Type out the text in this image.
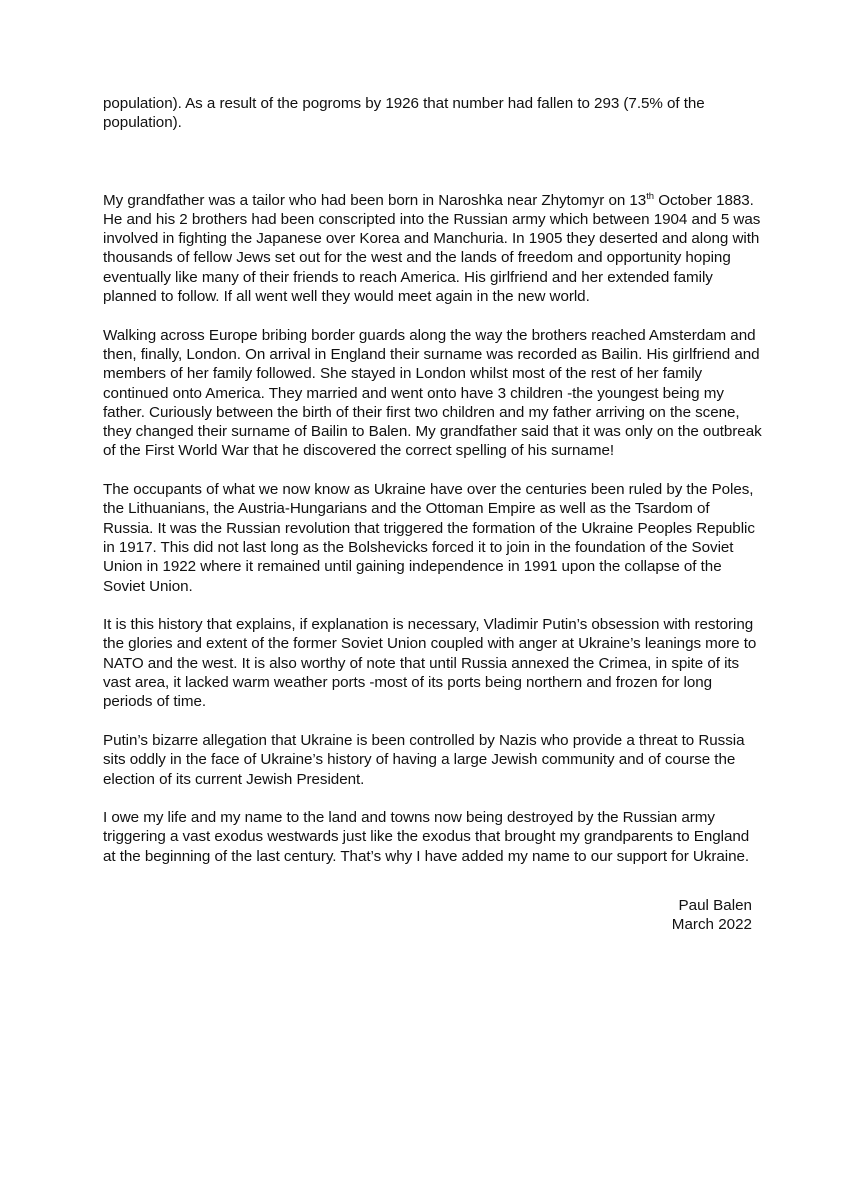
population). As a result of the pogroms by 1926 that number had fallen to 293 (7.5% of the population).

My grandfather was a tailor who had been born in Naroshka near Zhytomyr on 13th October 1883. He and his 2 brothers had been conscripted into the Russian army which between 1904 and 5 was involved in fighting the Japanese over Korea and Manchuria. In 1905 they deserted and along with thousands of fellow Jews set out for the west and the lands of freedom and opportunity hoping eventually like many of their friends to reach America. His girlfriend and her extended family planned to follow. If all went well they would meet again in the new world.

Walking across Europe bribing border guards along the way the brothers reached Amsterdam and then, finally, London. On arrival in England their surname was recorded as Bailin. His girlfriend and members of her family followed. She stayed in London whilst most of the rest of her family continued onto America. They married and went onto have 3 children -the youngest being my father. Curiously between the birth of their first two children and my father arriving on the scene, they changed their surname of Bailin to Balen. My grandfather said that it was only on the outbreak of the First World War that he discovered the correct spelling of his surname!

The occupants of what we now know as Ukraine have over the centuries been ruled by the Poles, the Lithuanians, the Austria-Hungarians and the Ottoman Empire as well as the Tsardom of Russia. It was the Russian revolution that triggered the formation of the Ukraine Peoples Republic in 1917. This did not last long as the Bolshevicks forced it to join in the foundation of the Soviet Union in 1922 where it remained until gaining independence in 1991 upon the collapse of the Soviet Union.

It is this history that explains, if explanation is necessary, Vladimir Putin’s obsession with restoring the glories and extent of the former Soviet Union coupled with anger at Ukraine’s leanings more to NATO and the west. It is also worthy of note that until Russia annexed the Crimea, in spite of its vast area, it lacked warm weather ports -most of its ports being northern and frozen for long periods of time.

Putin’s bizarre allegation that Ukraine is been controlled by Nazis who provide a threat to Russia sits oddly in the face of Ukraine’s history of having a large Jewish community and of course the election of its current Jewish President.

I owe my life and my name to the land and towns now being destroyed by the Russian army triggering a vast exodus westwards just like the exodus that brought my grandparents to England at the beginning of the last century. That’s why I have added my name to our support for Ukraine.

Paul Balen
March 2022
